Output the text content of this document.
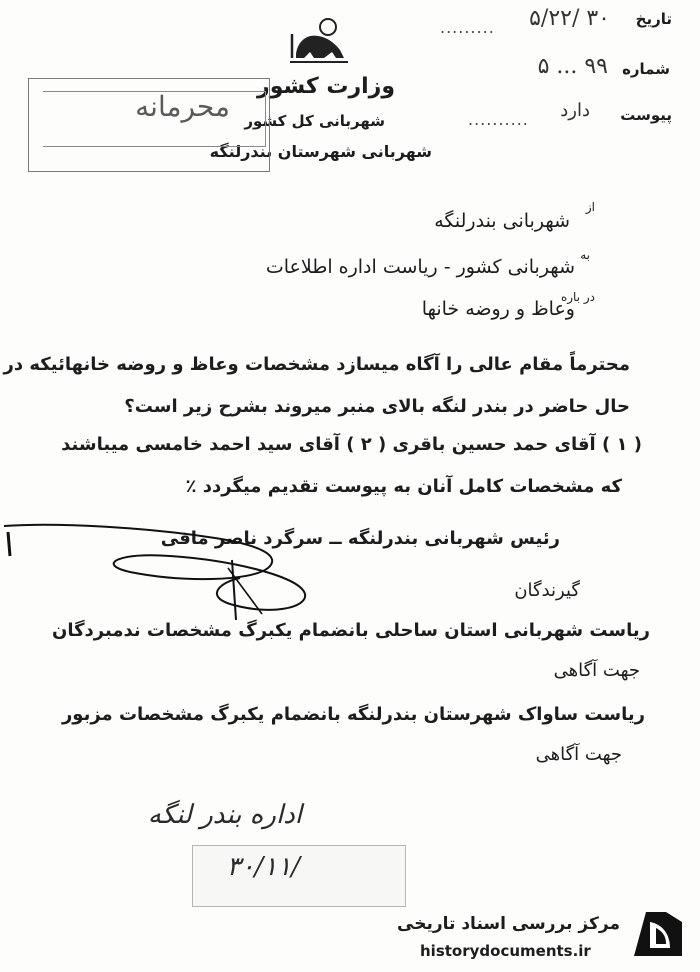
وزارت کشور
شهربانی کل کشور
شهربانی شهرستان بندرلنگه
محرمانه
تاریخ
۵/۲۲/ ۳۰
.........
شماره
۵ ... ۹۹
پیوست
دارد
..........
از
شهربانی بندرلنگه
به
شهربانی کشور - ریاست اداره اطلاعات
در باره
وعاظ و روضه خانها
محترماً مقام عالی را آگاه میسازد مشخصات وعاظ و روضه خانهائیکه در
حال حاضر در بندر لنگه بالای منبر میروند بشرح زیر است؟
( ۱ ) آقای حمد حسین باقری ( ۲ ) آقای سید احمد خامسی میباشند
که مشخصات کامل آنان به پیوست تقدیم میگردد ٪
رئیس شهربانی بندرلنگه ــ سرگرد ناصر مافی
گیرندگان
ریاست شهربانی استان ساحلی بانضمام یکبرگ مشخصات ندمبردگان
جهت آگاهی
ریاست ساواک شهرستان بندرلنگه بانضمام یکبرگ مشخصات مزبور
جهت آگاهی
اداره بندر لنگه
۳۰/۱۱/
مرکز بررسی اسناد تاریخی
historydocuments.ir
